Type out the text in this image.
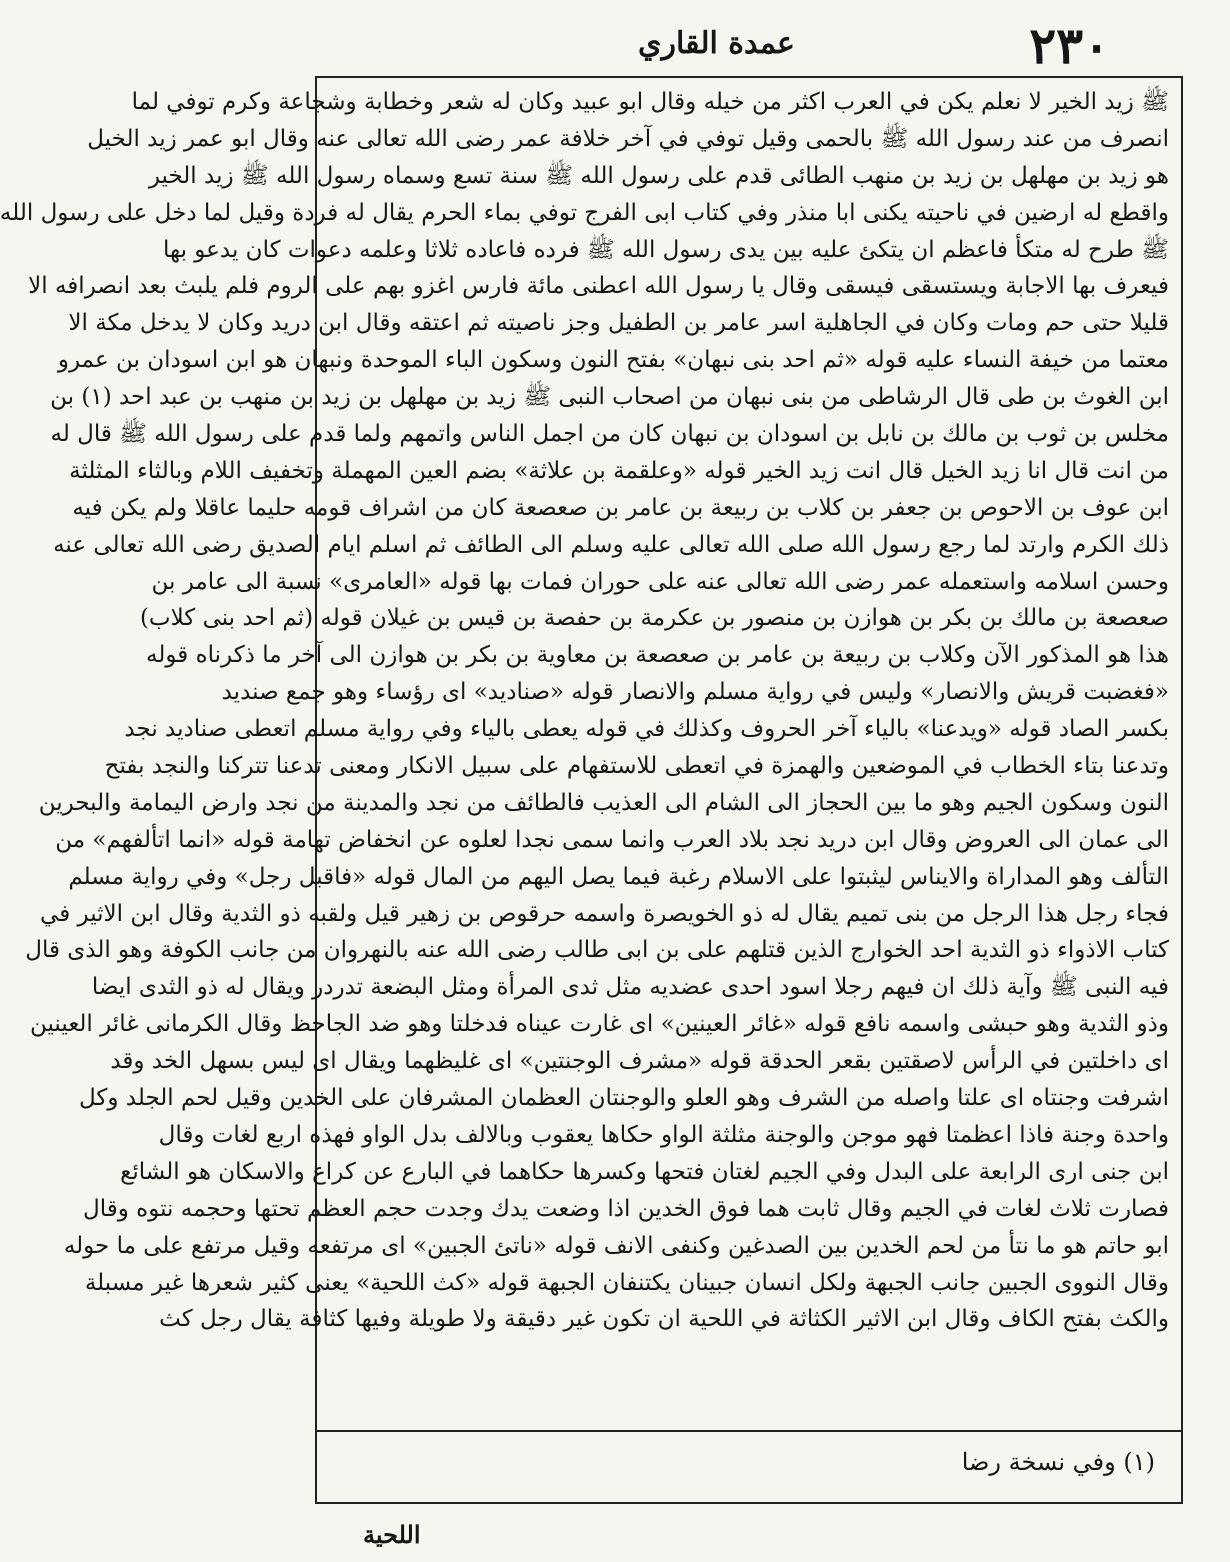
٢٣٠
عمدة القاري
ﷺ زيد الخير لا نعلم يكن في العرب اكثر من خيله وقال ابو عبيد وكان له شعر وخطابة وشجاعة وكرم توفي لما
انصرف من عند رسول الله ﷺ بالحمى وقيل توفي في آخر خلافة عمر رضى الله تعالى عنه وقال ابو عمر زيد الخيل
هو زيد بن مهلهل بن زيد بن منهب الطائى قدم على رسول الله ﷺ سنة تسع وسماه رسول الله ﷺ زيد الخير
واقطع له ارضين في ناحيته يكنى ابا منذر وفي كتاب ابى الفرج توفي بماء الحرم يقال له فردة وقيل لما دخل على رسول الله
ﷺ طرح له متكأ فاعظم ان يتكئ عليه بين يدى رسول الله ﷺ فرده فاعاده ثلاثا وعلمه دعوات كان يدعو بها
فيعرف بها الاجابة ويستسقى فيسقى وقال يا رسول الله اعطنى مائة فارس اغزو بهم على الروم فلم يلبث بعد انصرافه الا
قليلا حتى حم ومات وكان في الجاهلية اسر عامر بن الطفيل وجز ناصيته ثم اعتقه وقال ابن دريد وكان لا يدخل مكة الا
معتما من خيفة النساء عليه قوله «ثم احد بنى نبهان» بفتح النون وسكون الباء الموحدة ونبهان هو ابن اسودان بن عمرو
ابن الغوث بن طى قال الرشاطى من بنى نبهان من اصحاب النبى ﷺ زيد بن مهلهل بن زيد بن منهب بن عبد احد (١) بن
مخلس بن ثوب بن مالك بن نابل بن اسودان بن نبهان كان من اجمل الناس واتمهم ولما قدم على رسول الله ﷺ قال له
من انت قال انا زيد الخيل قال انت زيد الخير قوله «وعلقمة بن علاثة» بضم العين المهملة وتخفيف اللام وبالثاء المثلثة
ابن عوف بن الاحوص بن جعفر بن كلاب بن ربيعة بن عامر بن صعصعة كان من اشراف قومه حليما عاقلا ولم يكن فيه
ذلك الكرم وارتد لما رجع رسول الله صلى الله تعالى عليه وسلم الى الطائف ثم اسلم ايام الصديق رضى الله تعالى عنه
وحسن اسلامه واستعمله عمر رضى الله تعالى عنه على حوران فمات بها قوله «العامرى» نسبة الى عامر بن
صعصعة بن مالك بن بكر بن هوازن بن منصور بن عكرمة بن حفصة بن قيس بن غيلان قوله (ثم احد بنى كلاب)
هذا هو المذكور الآن وكلاب بن ربيعة بن عامر بن صعصعة بن معاوية بن بكر بن هوازن الى آخر ما ذكرناه قوله
«فغضبت قريش والانصار» وليس في رواية مسلم والانصار قوله «صناديد» اى رؤساء وهو جمع صنديد
بكسر الصاد قوله «ويدعنا» بالياء آخر الحروف وكذلك في قوله يعطى بالياء وفي رواية مسلم اتعطى صناديد نجد
وتدعنا بتاء الخطاب في الموضعين والهمزة في اتعطى للاستفهام على سبيل الانكار ومعنى تدعنا تتركنا والنجد بفتح
النون وسكون الجيم وهو ما بين الحجاز الى الشام الى العذيب فالطائف من نجد والمدينة من نجد وارض اليمامة والبحرين
الى عمان الى العروض وقال ابن دريد نجد بلاد العرب وانما سمى نجدا لعلوه عن انخفاض تهامة قوله «انما اتألفهم» من
التألف وهو المداراة والايناس ليثبتوا على الاسلام رغبة فيما يصل اليهم من المال قوله «فاقبل رجل» وفي رواية مسلم
فجاء رجل هذا الرجل من بنى تميم يقال له ذو الخويصرة واسمه حرقوص بن زهير قيل ولقبه ذو الثدية وقال ابن الاثير في
كتاب الاذواء ذو الثدية احد الخوارج الذين قتلهم على بن ابى طالب رضى الله عنه بالنهروان من جانب الكوفة وهو الذى قال
فيه النبى ﷺ وآية ذلك ان فيهم رجلا اسود احدى عضديه مثل ثدى المرأة ومثل البضعة تدردر ويقال له ذو الثدى ايضا
وذو الثدية وهو حبشى واسمه نافع قوله «غائر العينين» اى غارت عيناه فدخلتا وهو ضد الجاحظ وقال الكرمانى غائر العينين
اى داخلتين في الرأس لاصقتين بقعر الحدقة قوله «مشرف الوجنتين» اى غليظهما ويقال اى ليس بسهل الخد وقد
اشرفت وجنتاه اى علتا واصله من الشرف وهو العلو والوجنتان العظمان المشرفان على الخدين وقيل لحم الجلد وكل
واحدة وجنة فاذا اعظمتا فهو موجن والوجنة مثلثة الواو حكاها يعقوب وبالالف بدل الواو فهذه اربع لغات وقال
ابن جنى ارى الرابعة على البدل وفي الجيم لغتان فتحها وكسرها حكاهما في البارع عن كراع والاسكان هو الشائع
فصارت ثلاث لغات في الجيم وقال ثابت هما فوق الخدين اذا وضعت يدك وجدت حجم العظم تحتها وحجمه نتوه وقال
ابو حاتم هو ما نتأ من لحم الخدين بين الصدغين وكنفى الانف قوله «ناتئ الجبين» اى مرتفعه وقيل مرتفع على ما حوله
وقال النووى الجبين جانب الجبهة ولكل انسان جبينان يكتنفان الجبهة قوله «كث اللحية» يعنى كثير شعرها غير مسبلة
والكث بفتح الكاف وقال ابن الاثير الكثاثة في اللحية ان تكون غير دقيقة ولا طويلة وفيها كثافة يقال رجل كث
(١) وفي نسخة رضا
اللحية
